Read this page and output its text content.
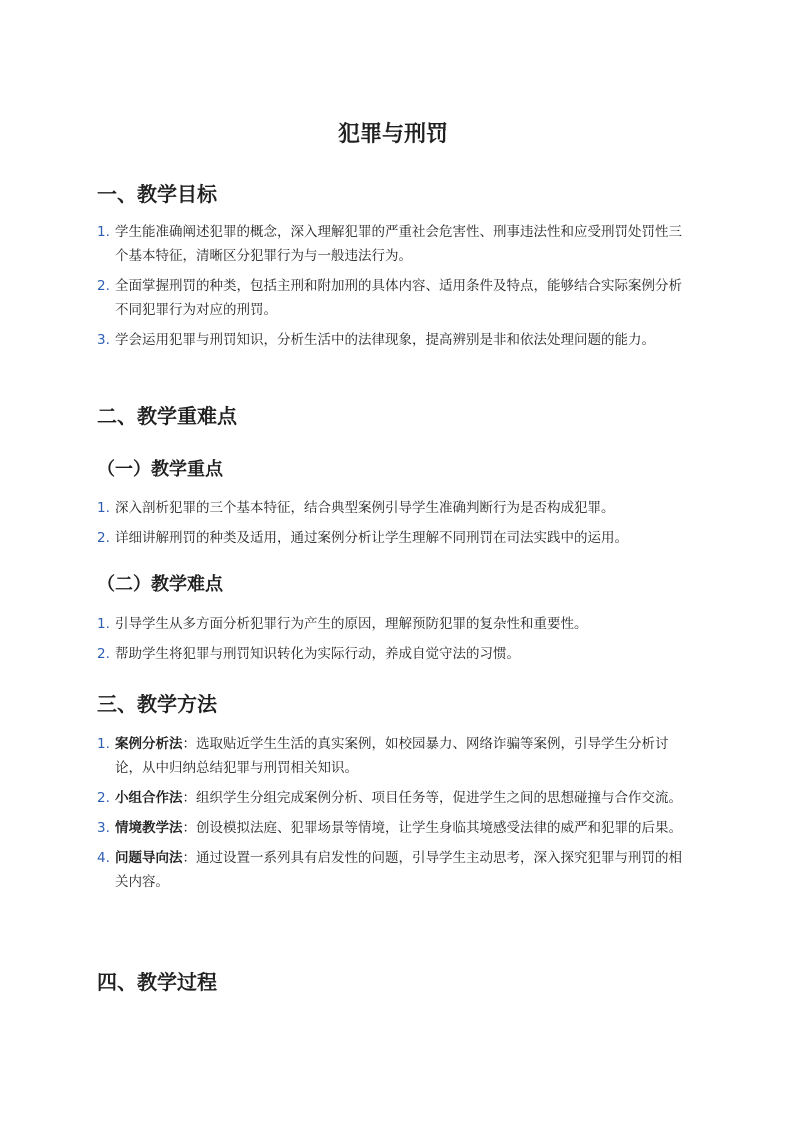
犯罪与刑罚
一、教学目标
1. 学生能准确阐述犯罪的概念，深入理解犯罪的严重社会危害性、刑事违法性和应受刑罚处罚性三个基本特征，清晰区分犯罪行为与一般违法行为。
2. 全面掌握刑罚的种类，包括主刑和附加刑的具体内容、适用条件及特点，能够结合实际案例分析不同犯罪行为对应的刑罚。
3. 学会运用犯罪与刑罚知识，分析生活中的法律现象，提高辨别是非和依法处理问题的能力。
二、教学重难点
（一）教学重点
1. 深入剖析犯罪的三个基本特征，结合典型案例引导学生准确判断行为是否构成犯罪。
2. 详细讲解刑罚的种类及适用，通过案例分析让学生理解不同刑罚在司法实践中的运用。
（二）教学难点
1. 引导学生从多方面分析犯罪行为产生的原因，理解预防犯罪的复杂性和重要性。
2. 帮助学生将犯罪与刑罚知识转化为实际行动，养成自觉守法的习惯。
三、教学方法
1. 案例分析法：选取贴近学生生活的真实案例，如校园暴力、网络诈骗等案例，引导学生分析讨论，从中归纳总结犯罪与刑罚相关知识。
2. 小组合作法：组织学生分组完成案例分析、项目任务等，促进学生之间的思想碰撞与合作交流。
3. 情境教学法：创设模拟法庭、犯罪场景等情境，让学生身临其境感受法律的威严和犯罪的后果。
4. 问题导向法：通过设置一系列具有启发性的问题，引导学生主动思考，深入探究犯罪与刑罚的相关内容。
四、教学过程
